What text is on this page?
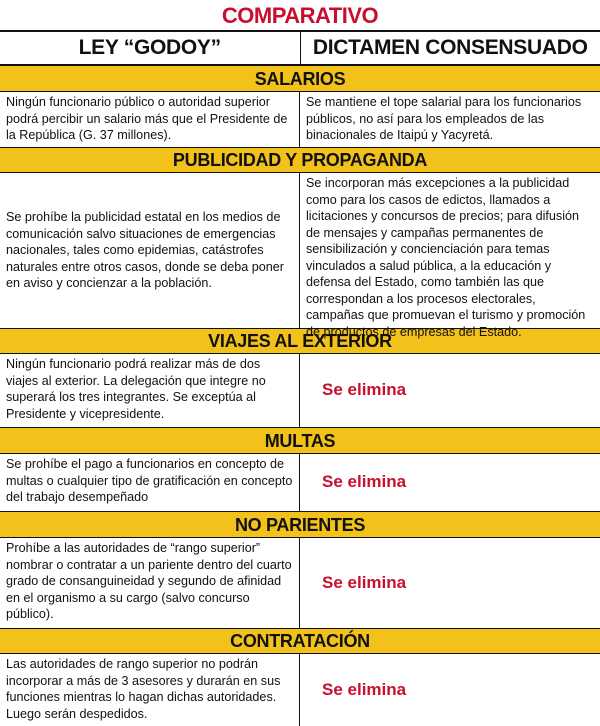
COMPARATIVO
LEY “GODOY”	DICTAMEN CONSENSUADO
SALARIOS
Ningún funcionario público o autoridad superior podrá percibir un salario más que el Presidente de la República (G. 37 millones).
Se mantiene el tope salarial para los funcionarios públicos, no así para los empleados de las binacionales de Itaipú y Yacyretá.
PUBLICIDAD Y PROPAGANDA
Se prohíbe la publicidad estatal en los medios de comunicación salvo situaciones de emergencias nacionales, tales como epidemias, catástrofes naturales entre otros casos, donde se deba poner en aviso y concienzar a la población.
Se incorporan más excepciones a la publicidad como para los casos de edictos, llamados a licitaciones y concursos de precios; para difusión de mensajes y campañas permanentes de sensibilización y concienciación para temas vinculados a salud pública, a la educación y defensa del Estado, como también las que correspondan a los procesos electorales, campañas que promuevan el turismo y promoción de productos de empresas del Estado.
VIAJES AL EXTERIOR
Ningún funcionario podrá realizar más de dos viajes al exterior. La delegación que integre no superará los tres integrantes. Se exceptúa al Presidente y vicepresidente.
Se elimina
MULTAS
Se prohíbe el pago a funcionarios en concepto de multas o cualquier tipo de gratificación en concepto del trabajo desempeñado
Se elimina
NO PARIENTES
Prohíbe a las autoridades de “rango superior” nombrar o contratar a un pariente dentro del cuarto grado de consanguineidad y segundo de afinidad en el organismo a su cargo (salvo concurso público).
Se elimina
CONTRATACIÓN
Las autoridades de rango superior no podrán incorporar a más de 3 asesores y durarán en sus funciones mientras lo hagan dichas autoridades. Luego serán despedidos.
Se elimina
